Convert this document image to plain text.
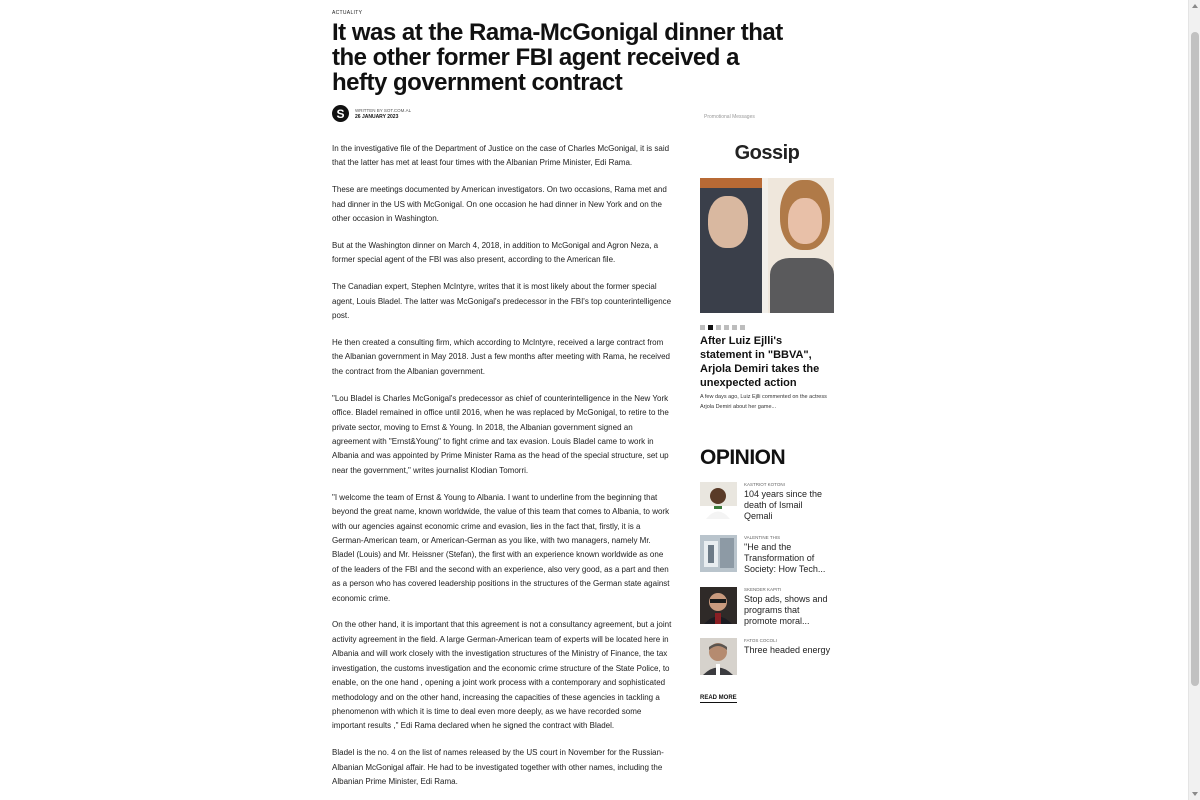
ACTUALITY
It was at the Rama-McGonigal dinner that the other former FBI agent received a hefty government contract
S	WRITTEN BY SOT.COM.AL
26 JANUARY 2023

In the investigative file of the Department of Justice on the case of Charles McGonigal, it is said that the latter has met at least four times with the Albanian Prime Minister, Edi Rama.

These are meetings documented by American investigators. On two occasions, Rama met and had dinner in the US with McGonigal. On one occasion he had dinner in New York and on the other occasion in Washington.

But at the Washington dinner on March 4, 2018, in addition to McGonigal and Agron Neza, a former special agent of the FBI was also present, according to the American file.

The Canadian expert, Stephen McIntyre, writes that it is most likely about the former special agent, Louis Bladel. The latter was McGonigal's predecessor in the FBI's top counterintelligence post.

He then created a consulting firm, which according to McIntyre, received a large contract from the Albanian government in May 2018. Just a few months after meeting with Rama, he received the contract from the Albanian government.

"Lou Bladel is Charles McGonigal's predecessor as chief of counterintelligence in the New York office. Bladel remained in office until 2016, when he was replaced by McGonigal, to retire to the private sector, moving to Ernst & Young. In 2018, the Albanian government signed an agreement with "Ernst&Young" to fight crime and tax evasion. Louis Bladel came to work in Albania and was appointed by Prime Minister Rama as the head of the special structure, set up near the government," writes journalist Klodian Tomorri.

"I welcome the team of Ernst & Young to Albania. I want to underline from the beginning that beyond the great name, known worldwide, the value of this team that comes to Albania, to work with our agencies against economic crime and evasion, lies in the fact that, firstly, it is a German-American team, or American-German as you like, with two managers, namely Mr. Bladel (Louis) and Mr. Heissner (Stefan), the first with an experience known worldwide as one of the leaders of the FBI and the second with an experience, also very good, as a part and then as a person who has covered leadership positions in the structures of the German state against economic crime.

On the other hand, it is important that this agreement is not a consultancy agreement, but a joint activity agreement in the field. A large German-American team of experts will be located here in Albania and will work closely with the investigation structures of the Ministry of Finance, the tax investigation, the customs investigation and the economic crime structure of the State Police, to enable, on the one hand , opening a joint work process with a contemporary and sophisticated methodology and on the other hand, increasing the capacities of these agencies in tackling a phenomenon with which it is time to deal even more deeply, as we have recorded some important results ," Edi Rama declared when he signed the contract with Bladel.

Bladel is the no. 4 on the list of names released by the US court in November for the Russian-Albanian McGonigal affair. He had to be investigated together with other names, including the Albanian Prime Minister, Edi Rama.

Promotional Messages
Gossip
After Luiz Ejlli's statement in "BBVA", Arjola Demiri takes the unexpected action
A few days ago, Luiz Ejlli commented on the actress Arjola Demiri about her game...
OPINION
KASTRIOT KOTONI
104 years since the death of Ismail Qemali
VALENTINE THIS
"He and the Transformation of Society: How Tech...
SKENDER KAPITI
Stop ads, shows and programs that promote moral...
FATOS COCOLI
Three headed energy
READ MORE
